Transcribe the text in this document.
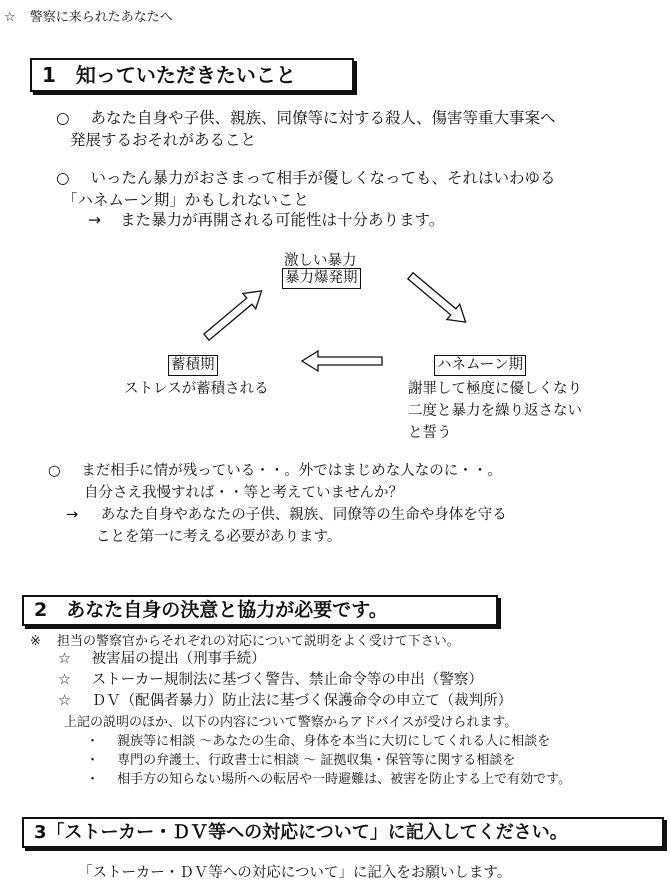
☆ 警察に来られたあなたへ
1　知っていただきたいこと
○ あなた自身や子供、親族、同僚等に対する殺人、傷害等重大事案へ
発展するおそれがあること
○ いったん暴力がおさまって相手が優しくなっても、それはいわゆる
「ハネムーン期」かもしれないこと
→ また暴力が再開される可能性は十分あります。
激しい暴力
暴力爆発期
蓄積期
ストレスが蓄積される
ハネムーン期
謝罪して極度に優しくなり
二度と暴力を繰り返さない
と誓う
○ まだ相手に情が残っている・・。外ではまじめな人なのに・・。
自分さえ我慢すれば・・等と考えていませんか？
→ あなた自身やあなたの子供、親族、同僚等の生命や身体を守る
ことを第一に考える必要があります。
2　あなた自身の決意と協力が必要です。
※ 担当の警察官からそれぞれの対応について説明をよく受けて下さい。
☆ 被害届の提出（刑事手続）
☆ ストーカー規制法に基づく警告、禁止命令等の申出（警察）
☆ ＤＶ（配偶者暴力）防止法に基づく保護命令の申立て（裁判所）
上記の説明のほか、以下の内容について警察からアドバイスが受けられます。
・ 親族等に相談 ～あなたの生命、身体を本当に大切にしてくれる人に相談を
・ 専門の弁護士、行政書士に相談 ～ 証拠収集・保管等に関する相談を
・ 相手方の知らない場所への転居や一時避難は、被害を防止する上で有効です。
3「ストーカー・ＤＶ等への対応について」に記入してください。
「ストーカー・ＤＶ等への対応について」に記入をお願いします。
